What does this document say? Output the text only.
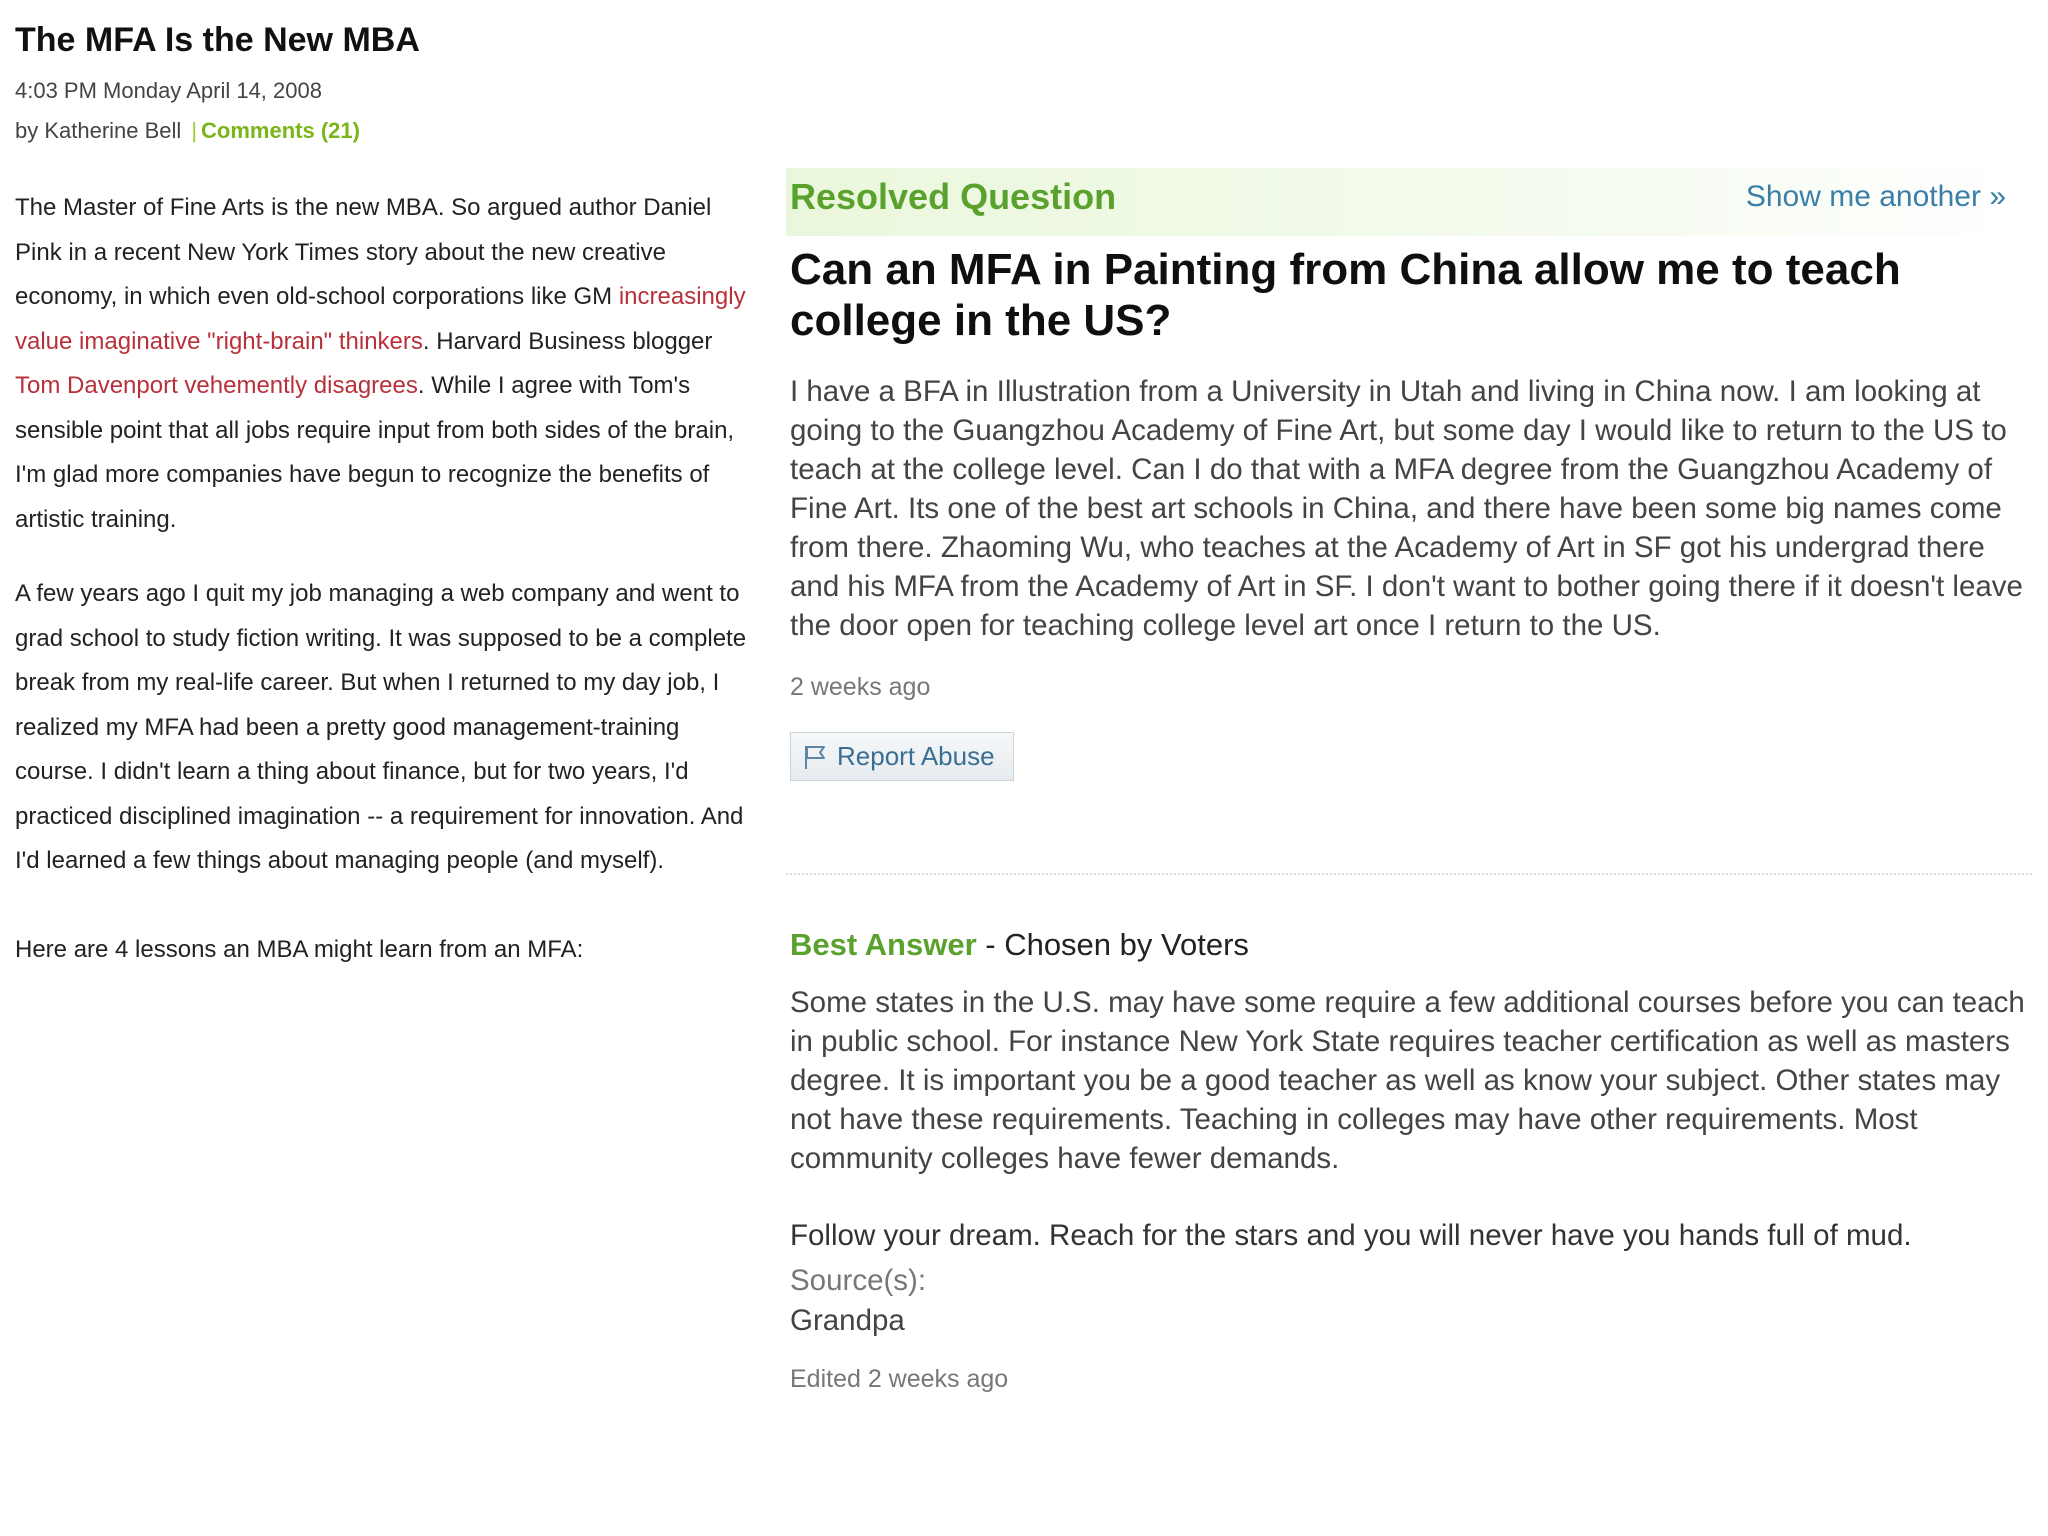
The MFA Is the New MBA
4:03 PM Monday April 14, 2008
by Katherine Bell | Comments (21)

The Master of Fine Arts is the new MBA. So argued author Daniel Pink in a recent New York Times story about the new creative economy, in which even old-school corporations like GM increasingly value imaginative "right-brain" thinkers. Harvard Business blogger Tom Davenport vehemently disagrees. While I agree with Tom's sensible point that all jobs require input from both sides of the brain, I'm glad more companies have begun to recognize the benefits of artistic training.

A few years ago I quit my job managing a web company and went to grad school to study fiction writing. It was supposed to be a complete break from my real-life career. But when I returned to my day job, I realized my MFA had been a pretty good management-training course. I didn't learn a thing about finance, but for two years, I'd practiced disciplined imagination -- a requirement for innovation. And I'd learned a few things about managing people (and myself).

Here are 4 lessons an MBA might learn from an MFA:

Resolved Question	Show me another »
Can an MFA in Painting from China allow me to teach college in the US?
I have a BFA in Illustration from a University in Utah and living in China now. I am looking at going to the Guangzhou Academy of Fine Art, but some day I would like to return to the US to teach at the college level. Can I do that with a MFA degree from the Guangzhou Academy of Fine Art. Its one of the best art schools in China, and there have been some big names come from there. Zhaoming Wu, who teaches at the Academy of Art in SF got his undergrad there and his MFA from the Academy of Art in SF. I don't want to bother going there if it doesn't leave the door open for teaching college level art once I return to the US.
2 weeks ago
Report Abuse
Best Answer - Chosen by Voters
Some states in the U.S. may have some require a few additional courses before you can teach in public school. For instance New York State requires teacher certification as well as masters degree. It is important you be a good teacher as well as know your subject. Other states may not have these requirements. Teaching in colleges may have other requirements. Most community colleges have fewer demands.
Follow your dream. Reach for the stars and you will never have you hands full of mud.
Source(s):
Grandpa
Edited 2 weeks ago
